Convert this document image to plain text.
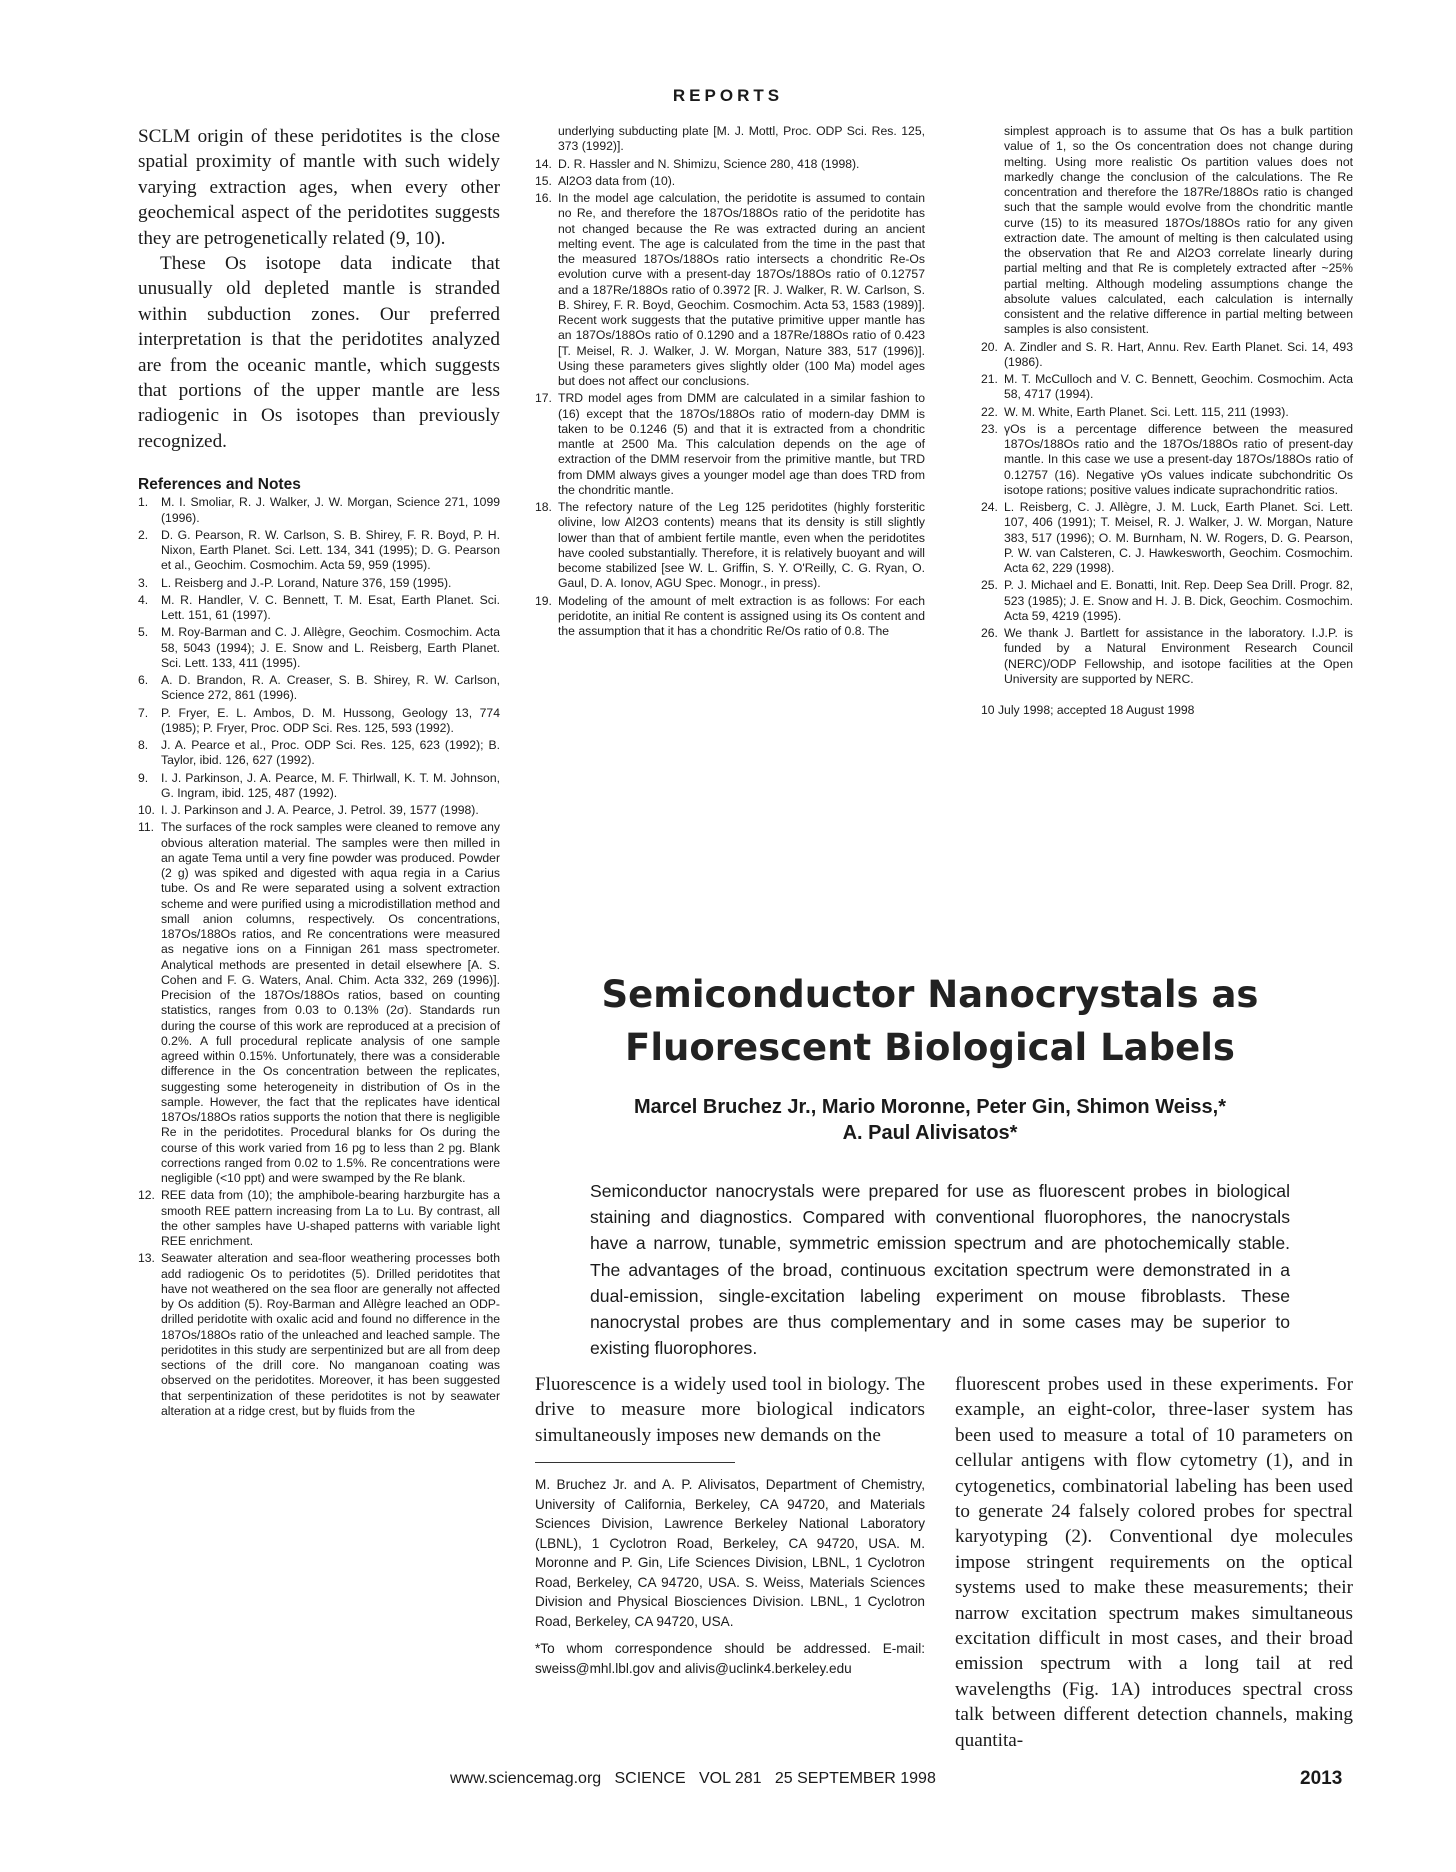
REPORTS

SCLM origin of these peridotites is the close spatial proximity of mantle with such widely varying extraction ages, when every other geochemical aspect of the peridotites suggests they are petrogenetically related (9, 10).

These Os isotope data indicate that unusually old depleted mantle is stranded within subduction zones. Our preferred interpretation is that the peridotites analyzed are from the oceanic mantle, which suggests that portions of the upper mantle are less radiogenic in Os isotopes than previously recognized.

References and Notes
1.	M. I. Smoliar, R. J. Walker, J. W. Morgan, Science 271, 1099 (1996).
2.	D. G. Pearson, R. W. Carlson, S. B. Shirey, F. R. Boyd, P. H. Nixon, Earth Planet. Sci. Lett. 134, 341 (1995); D. G. Pearson et al., Geochim. Cosmochim. Acta 59, 959 (1995).
3.	L. Reisberg and J.-P. Lorand, Nature 376, 159 (1995).
4.	M. R. Handler, V. C. Bennett, T. M. Esat, Earth Planet. Sci. Lett. 151, 61 (1997).
5.	M. Roy-Barman and C. J. Allègre, Geochim. Cosmochim. Acta 58, 5043 (1994); J. E. Snow and L. Reisberg, Earth Planet. Sci. Lett. 133, 411 (1995).
6.	A. D. Brandon, R. A. Creaser, S. B. Shirey, R. W. Carlson, Science 272, 861 (1996).
7.	P. Fryer, E. L. Ambos, D. M. Hussong, Geology 13, 774 (1985); P. Fryer, Proc. ODP Sci. Res. 125, 593 (1992).
8.	J. A. Pearce et al., Proc. ODP Sci. Res. 125, 623 (1992); B. Taylor, ibid. 126, 627 (1992).
9.	I. J. Parkinson, J. A. Pearce, M. F. Thirlwall, K. T. M. Johnson, G. Ingram, ibid. 125, 487 (1992).
10. I. J. Parkinson and J. A. Pearce, J. Petrol. 39, 1577 (1998).
11. The surfaces of the rock samples were cleaned to remove any obvious alteration material. The samples were then milled in an agate Tema until a very fine powder was produced. Powder (2 g) was spiked and digested with aqua regia in a Carius tube. Os and Re were separated using a solvent extraction scheme and were purified using a microdistillation method and small anion columns, respectively. Os concentrations, 187Os/188Os ratios, and Re concentrations were measured as negative ions on a Finnigan 261 mass spectrometer. Analytical methods are presented in detail elsewhere [A. S. Cohen and F. G. Waters, Anal. Chim. Acta 332, 269 (1996)]. Precision of the 187Os/188Os ratios, based on counting statistics, ranges from 0.03 to 0.13% (2σ). Standards run during the course of this work are reproduced at a precision of 0.2%. A full procedural replicate analysis of one sample agreed within 0.15%. Unfortunately, there was a considerable difference in the Os concentration between the replicates, suggesting some heterogeneity in distribution of Os in the sample. However, the fact that the replicates have identical 187Os/188Os ratios supports the notion that there is negligible Re in the peridotites. Procedural blanks for Os during the course of this work varied from 16 pg to less than 2 pg. Blank corrections ranged from 0.02 to 1.5%. Re concentrations were negligible (<10 ppt) and were swamped by the Re blank.
12. REE data from (10); the amphibole-bearing harzburgite has a smooth REE pattern increasing from La to Lu. By contrast, all the other samples have U-shaped patterns with variable light REE enrichment.
13. Seawater alteration and sea-floor weathering processes both add radiogenic Os to peridotites (5). Drilled peridotites that have not weathered on the sea floor are generally not affected by Os addition (5). Roy-Barman and Allègre leached an ODP-drilled peridotite with oxalic acid and found no difference in the 187Os/188Os ratio of the unleached and leached sample. The peridotites in this study are serpentinized but are all from deep sections of the drill core. No manganoan coating was observed on the peridotites. Moreover, it has been suggested that serpentinization of these peridotites is not by seawater alteration at a ridge crest, but by fluids from the
underlying subducting plate [M. J. Mottl, Proc. ODP Sci. Res. 125, 373 (1992)].
14. D. R. Hassler and N. Shimizu, Science 280, 418 (1998).
15. Al2O3 data from (10).
16. In the model age calculation, the peridotite is assumed to contain no Re, and therefore the 187Os/188Os ratio of the peridotite has not changed because the Re was extracted during an ancient melting event. The age is calculated from the time in the past that the measured 187Os/188Os ratio intersects a chondritic Re-Os evolution curve with a present-day 187Os/188Os ratio of 0.12757 and a 187Re/188Os ratio of 0.3972 [R. J. Walker, R. W. Carlson, S. B. Shirey, F. R. Boyd, Geochim. Cosmochim. Acta 53, 1583 (1989)]. Recent work suggests that the putative primitive upper mantle has an 187Os/188Os ratio of 0.1290 and a 187Re/188Os ratio of 0.423 [T. Meisel, R. J. Walker, J. W. Morgan, Nature 383, 517 (1996)]. Using these parameters gives slightly older (100 Ma) model ages but does not affect our conclusions.
17. TRD model ages from DMM are calculated in a similar fashion to (16) except that the 187Os/188Os ratio of modern-day DMM is taken to be 0.1246 (5) and that it is extracted from a chondritic mantle at 2500 Ma. This calculation depends on the age of extraction of the DMM reservoir from the primitive mantle, but TRD from DMM always gives a younger model age than does TRD from the chondritic mantle.
18. The refectory nature of the Leg 125 peridotites (highly forsteritic olivine, low Al2O3 contents) means that its density is still slightly lower than that of ambient fertile mantle, even when the peridotites have cooled substantially. Therefore, it is relatively buoyant and will become stabilized [see W. L. Griffin, S. Y. O'Reilly, C. G. Ryan, O. Gaul, D. A. Ionov, AGU Spec. Monogr., in press).
19. Modeling of the amount of melt extraction is as follows: For each peridotite, an initial Re content is assigned using its Os content and the assumption that it has a chondritic Re/Os ratio of 0.8. The
simplest approach is to assume that Os has a bulk partition value of 1, so the Os concentration does not change during melting. Using more realistic Os partition values does not markedly change the conclusion of the calculations. The Re concentration and therefore the 187Re/188Os ratio is changed such that the sample would evolve from the chondritic mantle curve (15) to its measured 187Os/188Os ratio for any given extraction date. The amount of melting is then calculated using the observation that Re and Al2O3 correlate linearly during partial melting and that Re is completely extracted after ~25% partial melting. Although modeling assumptions change the absolute values calculated, each calculation is internally consistent and the relative difference in partial melting between samples is also consistent.
20. A. Zindler and S. R. Hart, Annu. Rev. Earth Planet. Sci. 14, 493 (1986).
21. M. T. McCulloch and V. C. Bennett, Geochim. Cosmochim. Acta 58, 4717 (1994).
22. W. M. White, Earth Planet. Sci. Lett. 115, 211 (1993).
23. γOs is a percentage difference between the measured 187Os/188Os ratio and the 187Os/188Os ratio of present-day mantle. In this case we use a present-day 187Os/188Os ratio of 0.12757 (16). Negative γOs values indicate subchondritic Os isotope rations; positive values indicate suprachondritic ratios.
24. L. Reisberg, C. J. Allègre, J. M. Luck, Earth Planet. Sci. Lett. 107, 406 (1991); T. Meisel, R. J. Walker, J. W. Morgan, Nature 383, 517 (1996); O. M. Burnham, N. W. Rogers, D. G. Pearson, P. W. van Calsteren, C. J. Hawkesworth, Geochim. Cosmochim. Acta 62, 229 (1998).
25. P. J. Michael and E. Bonatti, Init. Rep. Deep Sea Drill. Progr. 82, 523 (1985); J. E. Snow and H. J. B. Dick, Geochim. Cosmochim. Acta 59, 4219 (1995).
26. We thank J. Bartlett for assistance in the laboratory. I.J.P. is funded by a Natural Environment Research Council (NERC)/ODP Fellowship, and isotope facilities at the Open University are supported by NERC.
10 July 1998; accepted 18 August 1998
Semiconductor Nanocrystals as
Fluorescent Biological Labels
Marcel Bruchez Jr., Mario Moronne, Peter Gin, Shimon Weiss,*
A. Paul Alivisatos*
Semiconductor nanocrystals were prepared for use as fluorescent probes in biological staining and diagnostics. Compared with conventional fluorophores, the nanocrystals have a narrow, tunable, symmetric emission spectrum and are photochemically stable. The advantages of the broad, continuous excitation spectrum were demonstrated in a dual-emission, single-excitation labeling experiment on mouse fibroblasts. These nanocrystal probes are thus complementary and in some cases may be superior to existing fluorophores.
Fluorescence is a widely used tool in biology. The drive to measure more biological indicators simultaneously imposes new demands on the
M. Bruchez Jr. and A. P. Alivisatos, Department of Chemistry, University of California, Berkeley, CA 94720, and Materials Sciences Division, Lawrence Berkeley National Laboratory (LBNL), 1 Cyclotron Road, Berkeley, CA 94720, USA. M. Moronne and P. Gin, Life Sciences Division, LBNL, 1 Cyclotron Road, Berkeley, CA 94720, USA. S. Weiss, Materials Sciences Division and Physical Biosciences Division. LBNL, 1 Cyclotron Road, Berkeley, CA 94720, USA.
*To whom correspondence should be addressed. E-mail: sweiss@mhl.lbl.gov and alivis@uclink4.berkeley.edu
fluorescent probes used in these experiments. For example, an eight-color, three-laser system has been used to measure a total of 10 parameters on cellular antigens with flow cytometry (1), and in cytogenetics, combinatorial labeling has been used to generate 24 falsely colored probes for spectral karyotyping (2). Conventional dye molecules impose stringent requirements on the optical systems used to make these measurements; their narrow excitation spectrum makes simultaneous excitation difficult in most cases, and their broad emission spectrum with a long tail at red wavelengths (Fig. 1A) introduces spectral cross talk between different detection channels, making quantita-
www.sciencemag.org   SCIENCE   VOL 281   25 SEPTEMBER 1998	2013
